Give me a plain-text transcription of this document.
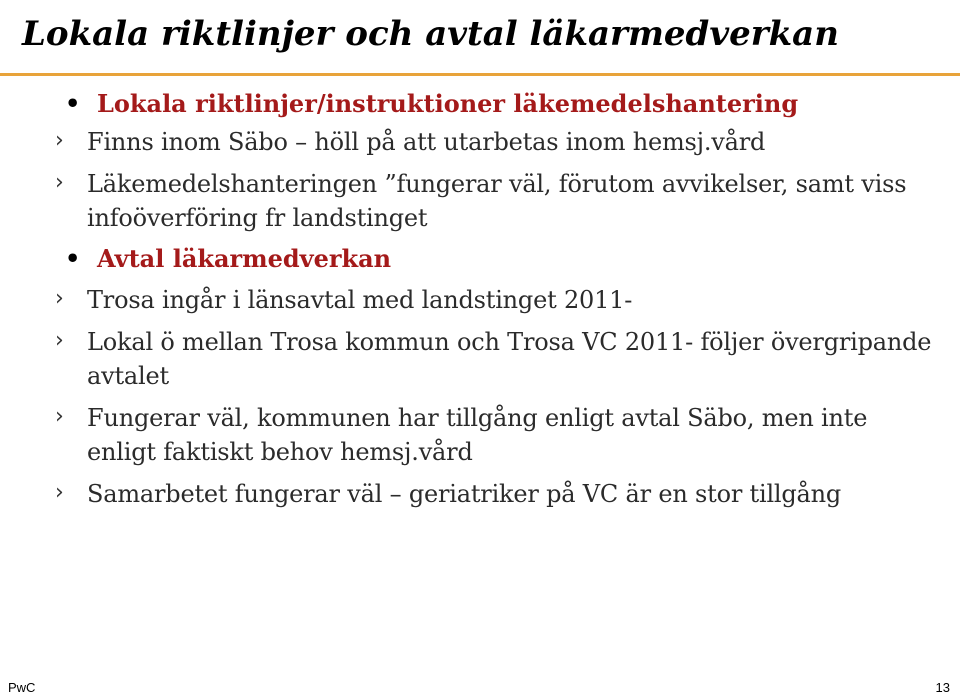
Lokala riktlinjer och avtal läkarmedverkan
• Lokala riktlinjer/instruktioner läkemedelshantering
› Finns inom Säbo – höll på att utarbetas inom hemsj.vård
› Läkemedelshanteringen ”fungerar väl, förutom avvikelser, samt viss infoöverföring fr landstinget
• Avtal läkarmedverkan
› Trosa ingår i länsavtal med landstinget 2011-
› Lokal ö mellan Trosa kommun och Trosa VC 2011- följer övergripande avtalet
› Fungerar väl, kommunen har tillgång enligt avtal Säbo, men inte enligt faktiskt behov hemsj.vård
› Samarbetet fungerar väl – geriatriker på VC är en stor tillgång
PwC	13
